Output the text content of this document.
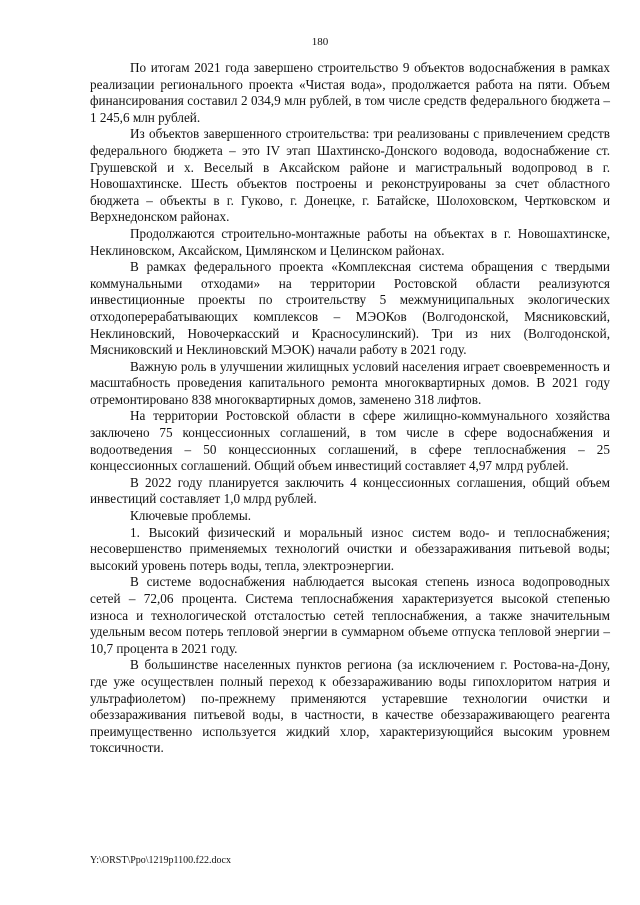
180

По итогам 2021 года завершено строительство 9 объектов водоснабжения в рамках реализации регионального проекта «Чистая вода», продолжается работа на пяти. Объем финансирования составил 2 034,9 млн рублей, в том числе средств федерального бюджета – 1 245,6 млн рублей.

Из объектов завершенного строительства: три реализованы с привлечением средств федерального бюджета – это IV этап Шахтинско-Донского водовода, водоснабжение ст. Грушевской и х. Веселый в Аксайском районе и магистральный водопровод в г. Новошахтинске. Шесть объектов построены и реконструированы за счет областного бюджета – объекты в г. Гуково, г. Донецке, г. Батайске, Шолоховском, Чертковском и Верхнедонском районах.

Продолжаются строительно-монтажные работы на объектах в г. Новошахтинске, Неклиновском, Аксайском, Цимлянском и Целинском районах.

В рамках федерального проекта «Комплексная система обращения с твердыми коммунальными отходами» на территории Ростовской области реализуются инвестиционные проекты по строительству 5 межмуниципальных экологических отходоперерабатывающих комплексов – МЭОКов (Волгодонской, Мясниковский, Неклиновский, Новочеркасский и Красносулинский). Три из них (Волгодонской, Мясниковский и Неклиновский МЭОК) начали работу в 2021 году.

Важную роль в улучшении жилищных условий населения играет своевременность и масштабность проведения капитального ремонта многоквартирных домов. В 2021 году отремонтировано 838 многоквартирных домов, заменено 318 лифтов.

На территории Ростовской области в сфере жилищно-коммунального хозяйства заключено 75 концессионных соглашений, в том числе в сфере водоснабжения и водоотведения – 50 концессионных соглашений, в сфере теплоснабжения – 25 концессионных соглашений. Общий объем инвестиций составляет 4,97 млрд рублей.

В 2022 году планируется заключить 4 концессионных соглашения, общий объем инвестиций составляет 1,0 млрд рублей.

Ключевые проблемы.

1. Высокий физический и моральный износ систем водо- и теплоснабжения; несовершенство применяемых технологий очистки и обеззараживания питьевой воды; высокий уровень потерь воды, тепла, электроэнергии.

В системе водоснабжения наблюдается высокая степень износа водопроводных сетей – 72,06 процента. Система теплоснабжения характеризуется высокой степенью износа и технологической отсталостью сетей теплоснабжения, а также значительным удельным весом потерь тепловой энергии в суммарном объеме отпуска тепловой энергии – 10,7 процента в 2021 году.

В большинстве населенных пунктов региона (за исключением г. Ростова-на-Дону, где уже осуществлен полный переход к обеззараживанию воды гипохлоритом натрия и ультрафиолетом) по-прежнему применяются устаревшие технологии очистки и обеззараживания питьевой воды, в частности, в качестве обеззараживающего реагента преимущественно используется жидкий хлор, характеризующийся высоким уровнем токсичности.

Y:\ORST\Ppo\1219p1100.f22.docx
